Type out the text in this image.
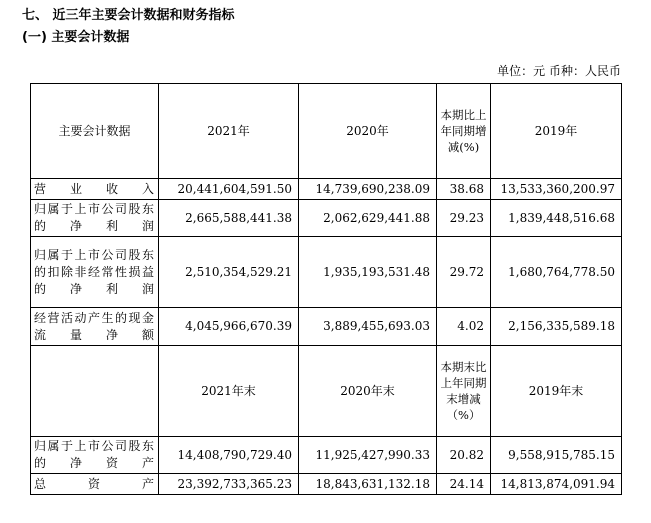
七、 近三年主要会计数据和财务指标
(一) 主要会计数据
单位：元 币种：人民币
主要会计数据	2021年	2020年	本期比上年同期增减(%)	2019年
营业收入	20,441,604,591.50	14,739,690,238.09	38.68	13,533,360,200.97
归属于上市公司股东的净利润	2,665,588,441.38	2,062,629,441.88	29.23	1,839,448,516.68
归属于上市公司股东的扣除非经常性损益的净利润	2,510,354,529.21	1,935,193,531.48	29.72	1,680,764,778.50
经营活动产生的现金流量净额	4,045,966,670.39	3,889,455,693.03	4.02	2,156,335,589.18
	2021年末	2020年末	本期末比上年同期末增减（%）	2019年末
归属于上市公司股东的净资产	14,408,790,729.40	11,925,427,990.33	20.82	9,558,915,785.15
总资产	23,392,733,365.23	18,843,631,132.18	24.14	14,813,874,091.94
